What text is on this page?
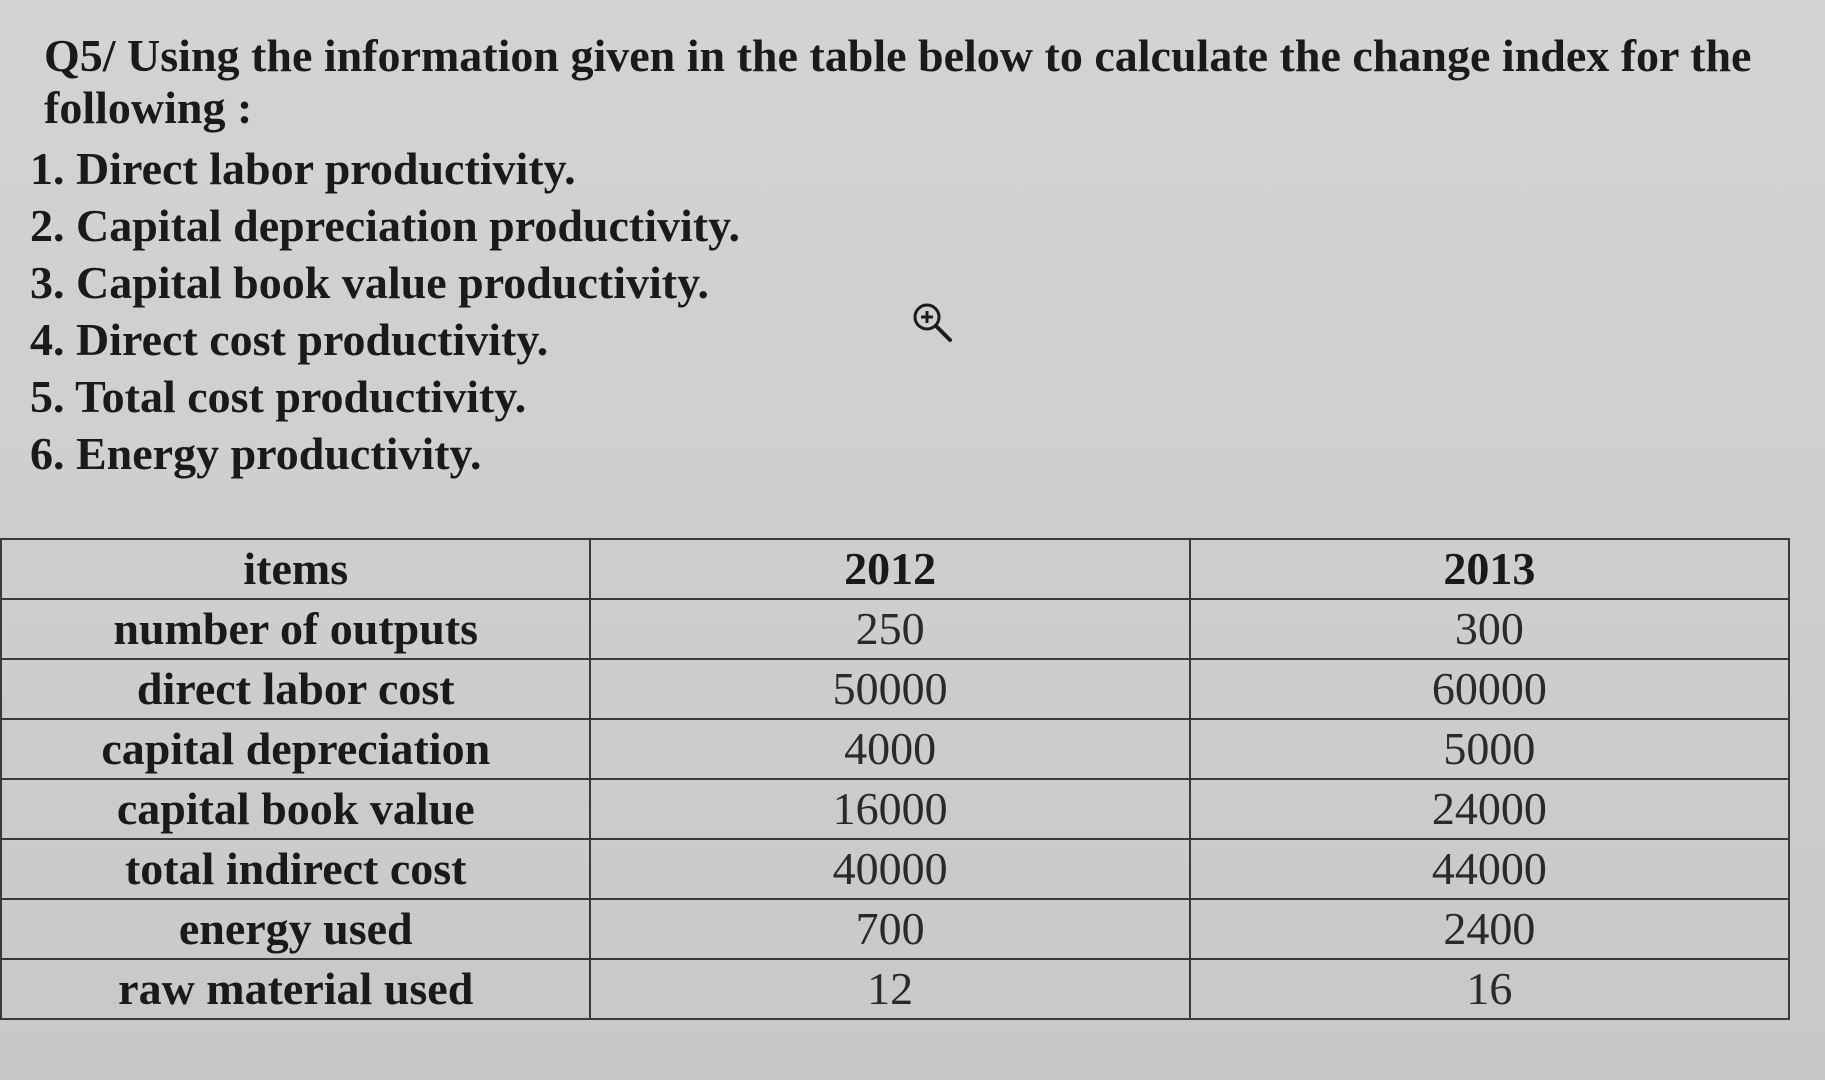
Q5/ Using the information given in the table below to calculate the change index for the following :

1. Direct labor productivity.
2. Capital depreciation productivity.
3. Capital book value productivity.
4. Direct cost productivity.
5. Total cost productivity.
6. Energy productivity.
items	2012	2013
number of outputs	250	300
direct labor cost	50000	60000
capital depreciation	4000	5000
capital book value	16000	24000
total indirect cost	40000	44000
energy used	700	2400
raw material used	12	16
